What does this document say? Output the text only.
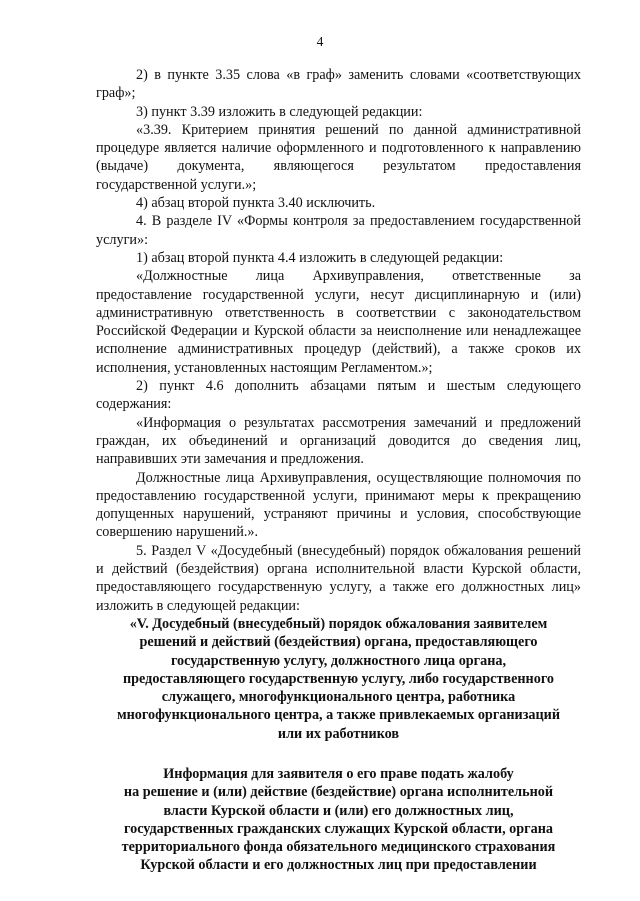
4

2) в пункте 3.35 слова «в граф» заменить словами «соответствующих граф»;

3) пункт 3.39 изложить в следующей редакции:

«3.39. Критерием принятия решений по данной административной процедуре является наличие оформленного и подготовленного к направлению (выдаче) документа, являющегося результатом предоставления государственной услуги.»;

4) абзац второй пункта 3.40 исключить.

4. В разделе IV «Формы контроля за предоставлением государственной услуги»:

1) абзац второй пункта 4.4 изложить в следующей редакции:

«Должностные лица Архивуправления, ответственные за предоставление государственной услуги, несут дисциплинарную и (или) административную ответственность в соответствии с законодательством Российской Федерации и Курской области за неисполнение или ненадлежащее исполнение административных процедур (действий), а также сроков их исполнения, установленных настоящим Регламентом.»;

2) пункт 4.6 дополнить абзацами пятым и шестым следующего содержания:

«Информация о результатах рассмотрения замечаний и предложений граждан, их объединений и организаций доводится до сведения лиц, направивших эти замечания и предложения.

Должностные лица Архивуправления, осуществляющие полномочия по предоставлению государственной услуги, принимают меры к прекращению допущенных нарушений, устраняют причины и условия, способствующие совершению нарушений.».

5. Раздел V «Досудебный (внесудебный) порядок обжалования решений и действий (бездействия) органа исполнительной власти Курской области, предоставляющего государственную услугу, а также его должностных лиц» изложить в следующей редакции:

«V. Досудебный (внесудебный) порядок обжалования заявителем

решений и действий (бездействия) органа, предоставляющего

государственную услугу, должностного лица органа,

предоставляющего государственную услугу, либо государственного

служащего, многофункционального центра, работника

многофункционального центра, а также привлекаемых организаций

или их работников

Информация для заявителя о его праве подать жалобу

на решение и (или) действие (бездействие) органа исполнительной

власти Курской области и (или) его должностных лиц,

государственных гражданских служащих Курской области, органа

территориального фонда обязательного медицинского страхования

Курской области и его должностных лиц при предоставлении
